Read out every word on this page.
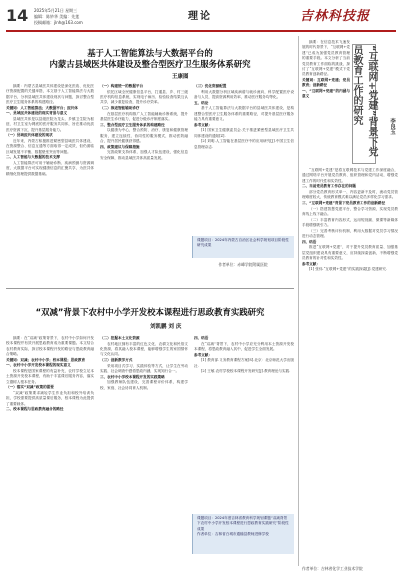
14 2025年5月21日 星期三
编辑：陈妙华 美编：先莲
投稿邮箱：jlnh@163.com
理论	吉林科技报
基于人工智能算法与大数据平台的
内蒙古县域医共体建设及整合型医疗卫生服务体系研究
王康图

摘要：内蒙古县域医共体建设是深化医改、优化医疗资源配置的关键举措，本文基于人工智能算法与大数据平台，分析县域医共体建设现状与问题，探讨整合型医疗卫生服务体系的构建路径。

关键词：人工智能算法；大数据平台；医共体

一、县域医共体建设的现实背景与意义

县域医共体是以县级医院为龙头、乡镇卫生院为枢纽、村卫生室为网底的医疗服务共同体，旨在推动优质医疗资源下沉，提升基层服务能力。

（一）县域医共体建设的现状

近年来，内蒙古积极推进紧密型县域医共体建设，在资源整合、信息互通等方面取得一定成效，但仍面临区域发展不平衡、数据壁垒突出等问题。

二、人工智能与大数据的技术支撑

人工智能算法可用于辅助诊断、疾病预测与资源调度，大数据平台可实现健康信息的汇聚共享，为医共体精细化管理提供数据基础。

（一）构建统一的数据平台

依托区域全民健康信息平台，打通县、乡、村三级医疗机构信息系统，实现电子病历、检验检查结果互认共享，减少重复检查，提升诊疗效率。

（二）推进智能辅助诊疗

在基层医疗机构推广人工智能辅助诊断系统，提升基层医生诊疗能力，促进分级诊疗制度落实。

三、整合型医疗卫生服务体系的构建路径

以健康为中心，整合预防、治疗、康复和健康管理服务，建立连续性、协同性的服务模式，推动医防融合，提升居民健康获得感。

四、政策建议与保障措施

完善政策支持体系，加强人才队伍建设，强化信息安全保障，推动县域医共体高质量发展。

（三）优化资源配置

利用大数据分析区域疾病谱与就诊流向，科学配置医疗设备与人员，提高资源利用效率，推动医疗服务均等化。

五、结论

基于人工智能算法与大数据平台的县域医共体建设，是构建整合型医疗卫生服务体系的重要路径，对提升基层医疗服务能力具有重要意义。

参考文献：

[1] 国家卫生健康委员会.关于推进紧密型县域医疗卫生共同体建设的通知[Z].

[2] 刘明.人工智能在基层医疗中的应用研究[J].中国卫生信息管理杂志.

课题项目：2024年内蒙古自治区社会科学规划项目阶段性研究成果
作者单位：赤峰学院附属医院
“双减”背景下农村中小学开发校本课程进行思政教育实践研究
刘凯鹏 刘 庆

摘要：在“双减”政策背景下，农村中小学如何开发校本课程并有效开展思政教育成为重要课题。本文结合农村教育实际，探讨校本课程开发的路径与思政教育融合策略。

关键词：双减；农村中小学；校本课程；思政教育

一、农村中小学开发校本课程的现实意义

校本课程是国家课程的有益补充，农村学校立足本土资源开发校本课程，有助于丰富课后服务内容，落实立德树人根本任务。

（一）落实“双减”政策的需要

“双减”政策要求减轻学生作业负担和校外培训负担，学校需要提供高质量课后服务，校本课程为此提供了重要载体。

二、校本课程与思政教育融合的路径

（二）挖掘本土文化资源

农村地区拥有丰富的红色文化、农耕文化和民俗文化资源，将其融入校本课程，能够增强学生的家国情怀与文化认同。

（三）创新教学方式

采用项目式学习、实践体验等方式，让学生在劳动实践、社会调查中感悟思政内涵，实现知行合一。

三、农村中小学校本课程开发的实践策略

加强教师队伍建设，完善课程评价体系，构建学校、家庭、社会协同育人机制。

四、结语

在“双减”背景下，农村中小学应充分利用本土资源开发校本课程，将思政教育融入其中，促进学生全面发展。

参考文献：

[1] 教育部.义务教育课程方案[S].北京：北京师范大学出版社.

[2] 王敏.农村学校校本课程开发研究[J].教育理论与实践.

课题项目：2024年度吉林省教育科学规划课题“双减背景下农村中小学开发校本课程进行思政教育实践研究”阶段性成果
作者单位：吉林省白城市通榆县教师进修学校
“互联网+党建”背景下党员教育工作的研究
李良玉

摘要：在信息技术飞速发展的时代背景下，“互联网+党建”已成为加强党员教育管理的重要手段。本文分析了当前党员教育工作面临的挑战，探讨了“互联网+党建”模式下党员教育创新路径。

关键词：互联网+党建；党员教育；创新路径

一、“互联网+党建”的内涵与意义

“互联网+党建”是将互联网技术与党建工作深度融合，通过网络平台开展党员教育、组织管理和党内活动，增强党建工作的时代性和实效性。

二、当前党员教育工作存在的问题

部分党员教育形式单一、内容更新不及时，流动党员管理难度较大，传统教育模式难以满足党员多样化学习需求。

三、“互联网+党建”背景下党员教育工作的创新路径

（一）搭建智慧党建平台，整合学习资源，实现党员教育线上线下融合。

（二）丰富教育内容形式，运用短视频、微课等新媒体手段增强吸引力。

（三）完善考核评价机制，利用大数据对党员学习情况进行动态管理。

四、结语

推进“互联网+党建”，对于提升党员教育质量、加强基层党组织建设具有重要意义，应持续探索创新，不断增强党员教育的针对性和实效性。

参考文献：

[1] 张伟.“互联网+党建”的实践探索[J].党建研究.

作者单位：吉林省化学工业技术学院
